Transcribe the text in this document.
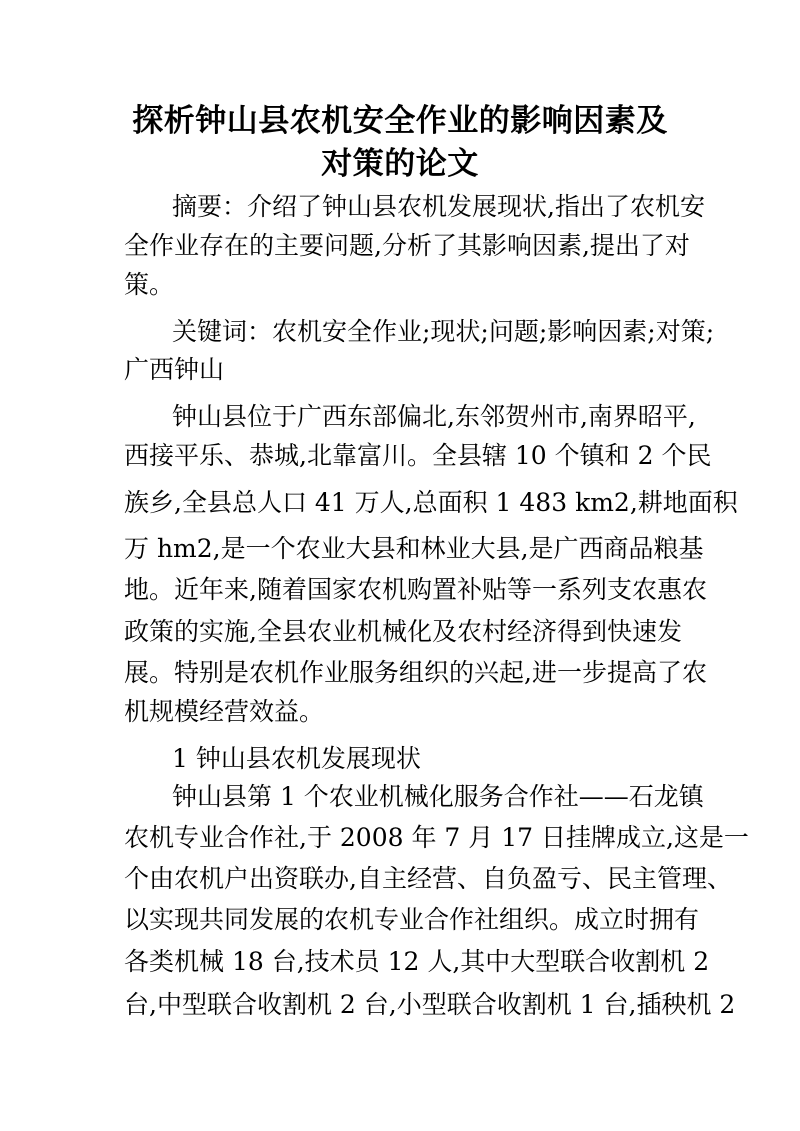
探析钟山县农机安全作业的影响因素及
对策的论文
摘要：介绍了钟山县农机发展现状,指出了农机安
全作业存在的主要问题,分析了其影响因素,提出了对
策。
关键词：农机安全作业;现状;问题;影响因素;对策;
广西钟山
钟山县位于广西东部偏北,东邻贺州市,南界昭平,
西接平乐、恭城,北靠富川。全县辖 10 个镇和 2 个民
族乡,全县总人口 41 万人,总面积 1 483 km2,耕地面积
万 hm2,是一个农业大县和林业大县,是广西商品粮基
地。近年来,随着国家农机购置补贴等一系列支农惠农
政策的实施,全县农业机械化及农村经济得到快速发
展。特别是农机作业服务组织的兴起,进一步提高了农
机规模经营效益。
1 钟山县农机发展现状
钟山县第 1 个农业机械化服务合作社——石龙镇
农机专业合作社,于 2008 年 7 月 17 日挂牌成立,这是一
个由农机户出资联办,自主经营、自负盈亏、民主管理、
以实现共同发展的农机专业合作社组织。成立时拥有
各类机械 18 台,技术员 12 人,其中大型联合收割机 2
台,中型联合收割机 2 台,小型联合收割机 1 台,插秧机 2
